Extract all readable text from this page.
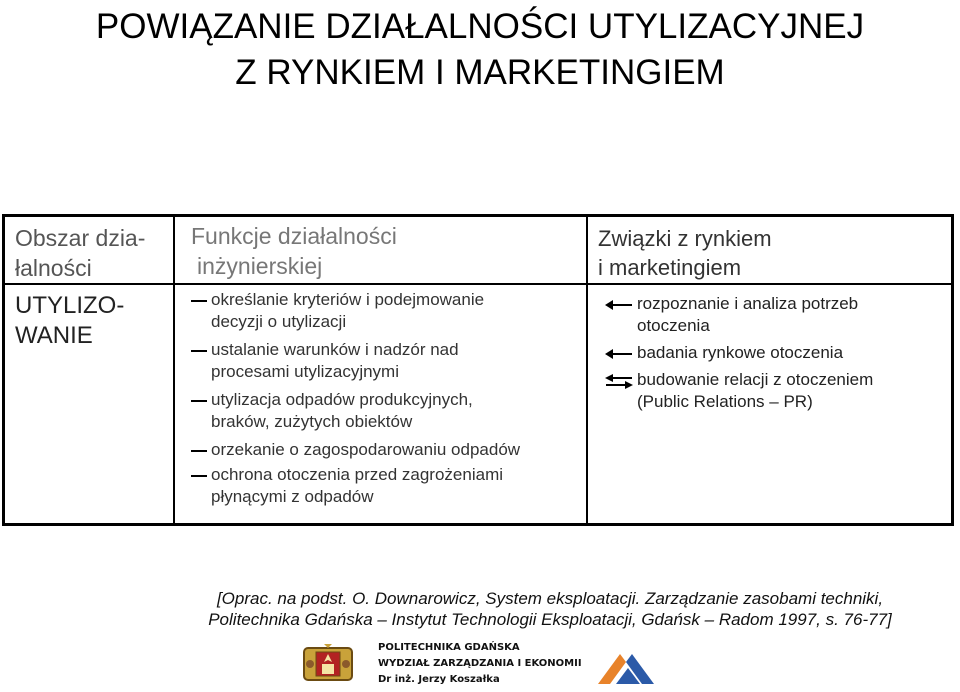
POWIĄZANIE DZIAŁALNOŚCI UTYLIZACYJNEJ
Z RYNKIEM I MARKETINGIEM
Obszar dzia-
łalności
Funkcje działalności
inżynierskiej
Związki z rynkiem
i marketingiem
UTYLIZO-
WANIE
określanie kryteriów i podejmowanie
decyzji o utylizacji
ustalanie warunków i nadzór nad
procesami utylizacyjnymi
utylizacja odpadów produkcyjnych,
braków, zużytych obiektów
orzekanie o zagospodarowaniu odpadów
ochrona otoczenia przed zagrożeniami
płynącymi z odpadów
rozpoznanie i analiza potrzeb
otoczenia
badania rynkowe otoczenia
budowanie relacji z otoczeniem
(Public Relations – PR)
[Oprac. na podst. O. Downarowicz, System eksploatacji. Zarządzanie zasobami techniki,
Politechnika Gdańska – Instytut Technologii Eksploatacji, Gdańsk – Radom 1997, s. 76-77]
POLITECHNIKA GDAŃSKA
WYDZIAŁ ZARZĄDZANIA I EKONOMII
Dr inż. Jerzy Koszałka
